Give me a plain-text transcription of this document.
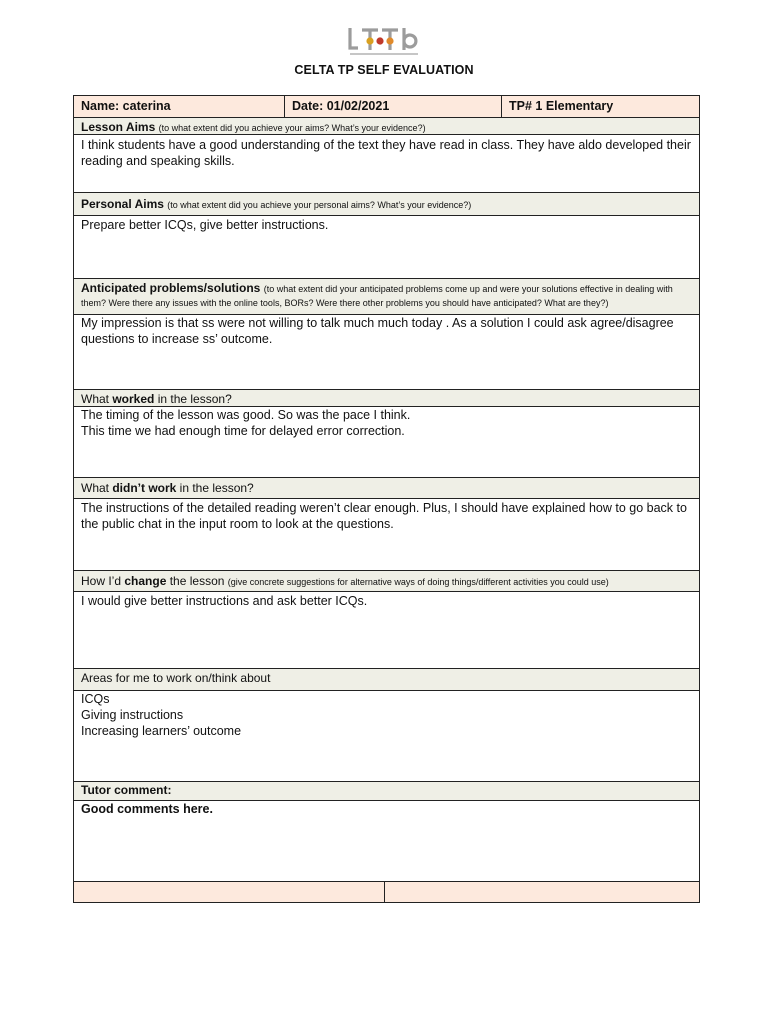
CELTA TP SELF EVALUATION
Name: caterina	Date: 01/02/2021	TP# 1 Elementary
Lesson Aims (to what extent did you achieve your aims? What’s your evidence?)
I think students have a good understanding of the text they have read in class. They have aldo developed their reading and speaking skills.
Personal Aims (to what extent did you achieve your personal aims? What’s your evidence?)
Prepare better ICQs, give better instructions.
Anticipated problems/solutions (to what extent did your anticipated problems come up and were your solutions effective in dealing with them? Were there any issues with the online tools, BORs? Were there other problems you should have anticipated? What are they?)
My impression is that ss were not willing to talk much much today . As a solution I could ask agree/disagree questions to increase ss’ outcome.
What worked in the lesson?
The timing of the lesson was good. So was the pace I think.
This time we had enough time for delayed error correction.
What didn’t work in the lesson?
The instructions of the detailed reading weren’t clear enough. Plus, I should have explained how to go back to the public chat in the input room to look at the questions.
How I’d change the lesson (give concrete suggestions for alternative ways of doing things/different activities you could use)
I would give better instructions and ask better ICQs.
Areas for me to work on/think about
ICQs
Giving instructions
Increasing learners’ outcome
Tutor comment:
Good comments here.
